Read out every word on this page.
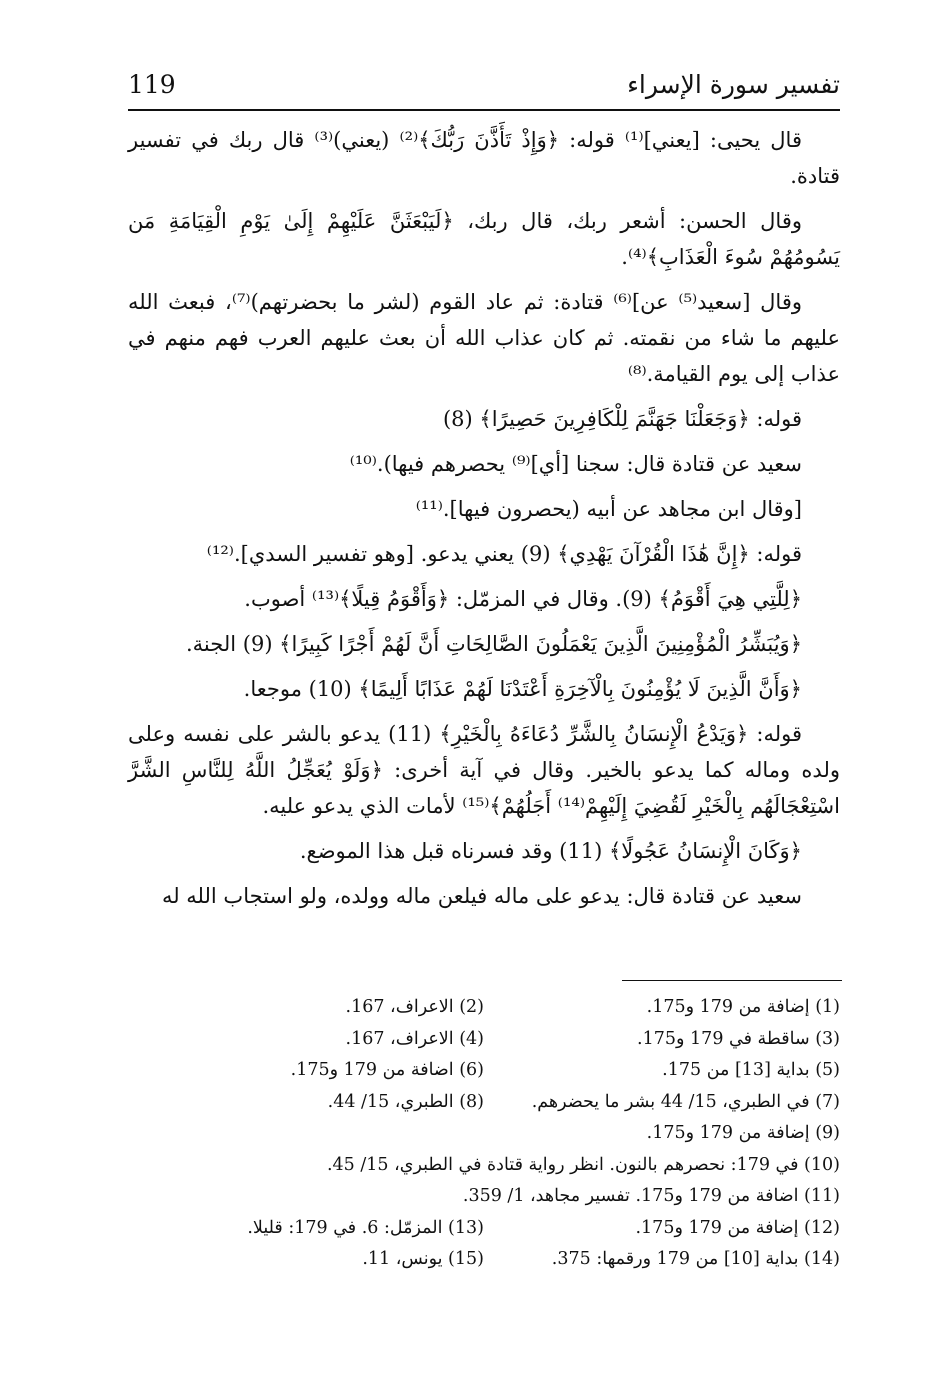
تفسير سورة الإسراء
119

قال يحيى: [يعني]⁽¹⁾ قوله: ﴿وَإِذْ تَأَذَّنَ رَبُّكَ﴾⁽²⁾ (يعني)⁽³⁾ قال ربك في تفسير قتادة.

وقال الحسن: أشعر ربك، قال ربك، ﴿لَيَبْعَثَنَّ عَلَيْهِمْ إِلَىٰ يَوْمِ الْقِيَامَةِ مَن يَسُومُهُمْ سُوءَ الْعَذَابِ﴾⁽⁴⁾.

وقال [سعيد⁽⁵⁾ عن]⁽⁶⁾ قتادة: ثم عاد القوم (لشر ما بحضرتهم)⁽⁷⁾، فبعث الله عليهم ما شاء من نقمته. ثم كان عذاب الله أن بعث عليهم العرب فهم منهم في عذاب إلى يوم القيامة.⁽⁸⁾

قوله: ﴿وَجَعَلْنَا جَهَنَّمَ لِلْكَافِرِينَ حَصِيرًا﴾ (8)

سعيد عن قتادة قال: سجنا [أي]⁽⁹⁾ يحصرهم فيها).⁽¹⁰⁾

[وقال ابن مجاهد عن أبيه (يحصرون فيها].⁽¹¹⁾

قوله: ﴿إِنَّ هَٰذَا الْقُرْآنَ يَهْدِي﴾ (9) يعني يدعو. [وهو تفسير السدي].⁽¹²⁾

﴿لِلَّتِي هِيَ أَقْوَمُ﴾ (9). وقال في المزمّل: ﴿وَأَقْوَمُ قِيلًا﴾⁽¹³⁾ أصوب.

﴿وَيُبَشِّرُ الْمُؤْمِنِينَ الَّذِينَ يَعْمَلُونَ الصَّالِحَاتِ أَنَّ لَهُمْ أَجْرًا كَبِيرًا﴾ (9) الجنة.

﴿وَأَنَّ الَّذِينَ لَا يُؤْمِنُونَ بِالْآخِرَةِ أَعْتَدْنَا لَهُمْ عَذَابًا أَلِيمًا﴾ (10) موجعا.

قوله: ﴿وَيَدْعُ الْإِنسَانُ بِالشَّرِّ دُعَاءَهُ بِالْخَيْرِ﴾ (11) يدعو بالشر على نفسه وعلى ولده وماله كما يدعو بالخير. وقال في آية أخرى: ﴿وَلَوْ يُعَجِّلُ اللَّهُ لِلنَّاسِ الشَّرَّ اسْتِعْجَالَهُم بِالْخَيْرِ لَقُضِيَ إِلَيْهِمْ⁽¹⁴⁾ أَجَلُهُمْ﴾⁽¹⁵⁾ لأمات الذي يدعو عليه.

﴿وَكَانَ الْإِنسَانُ عَجُولًا﴾ (11) وقد فسرناه قبل هذا الموضع.

سعيد عن قتادة قال: يدعو على ماله فيلعن ماله وولده، ولو استجاب الله له

(1) إضافة من 179 و175.
(2) الاعراف، 167.
(3) ساقطة في 179 و175.
(4) الاعراف، 167.
(5) بداية [13] من 175.
(6) اضافة من 179 و175.
(7) في الطبري، 15/ 44 بشر ما يحضرهم.
(8) الطبري، 15/ 44.
(9) إضافة من 179 و175.
(10) في 179: نحصرهم بالنون. انظر رواية قتادة في الطبري، 15/ 45.
(11) اضافة من 179 و175. تفسير مجاهد، 1/ 359.
(12) إضافة من 179 و175.
(13) المزمّل: 6. في 179: قليلا.
(14) بداية [10] من 179 ورقمها: 375.
(15) يونس، 11.
